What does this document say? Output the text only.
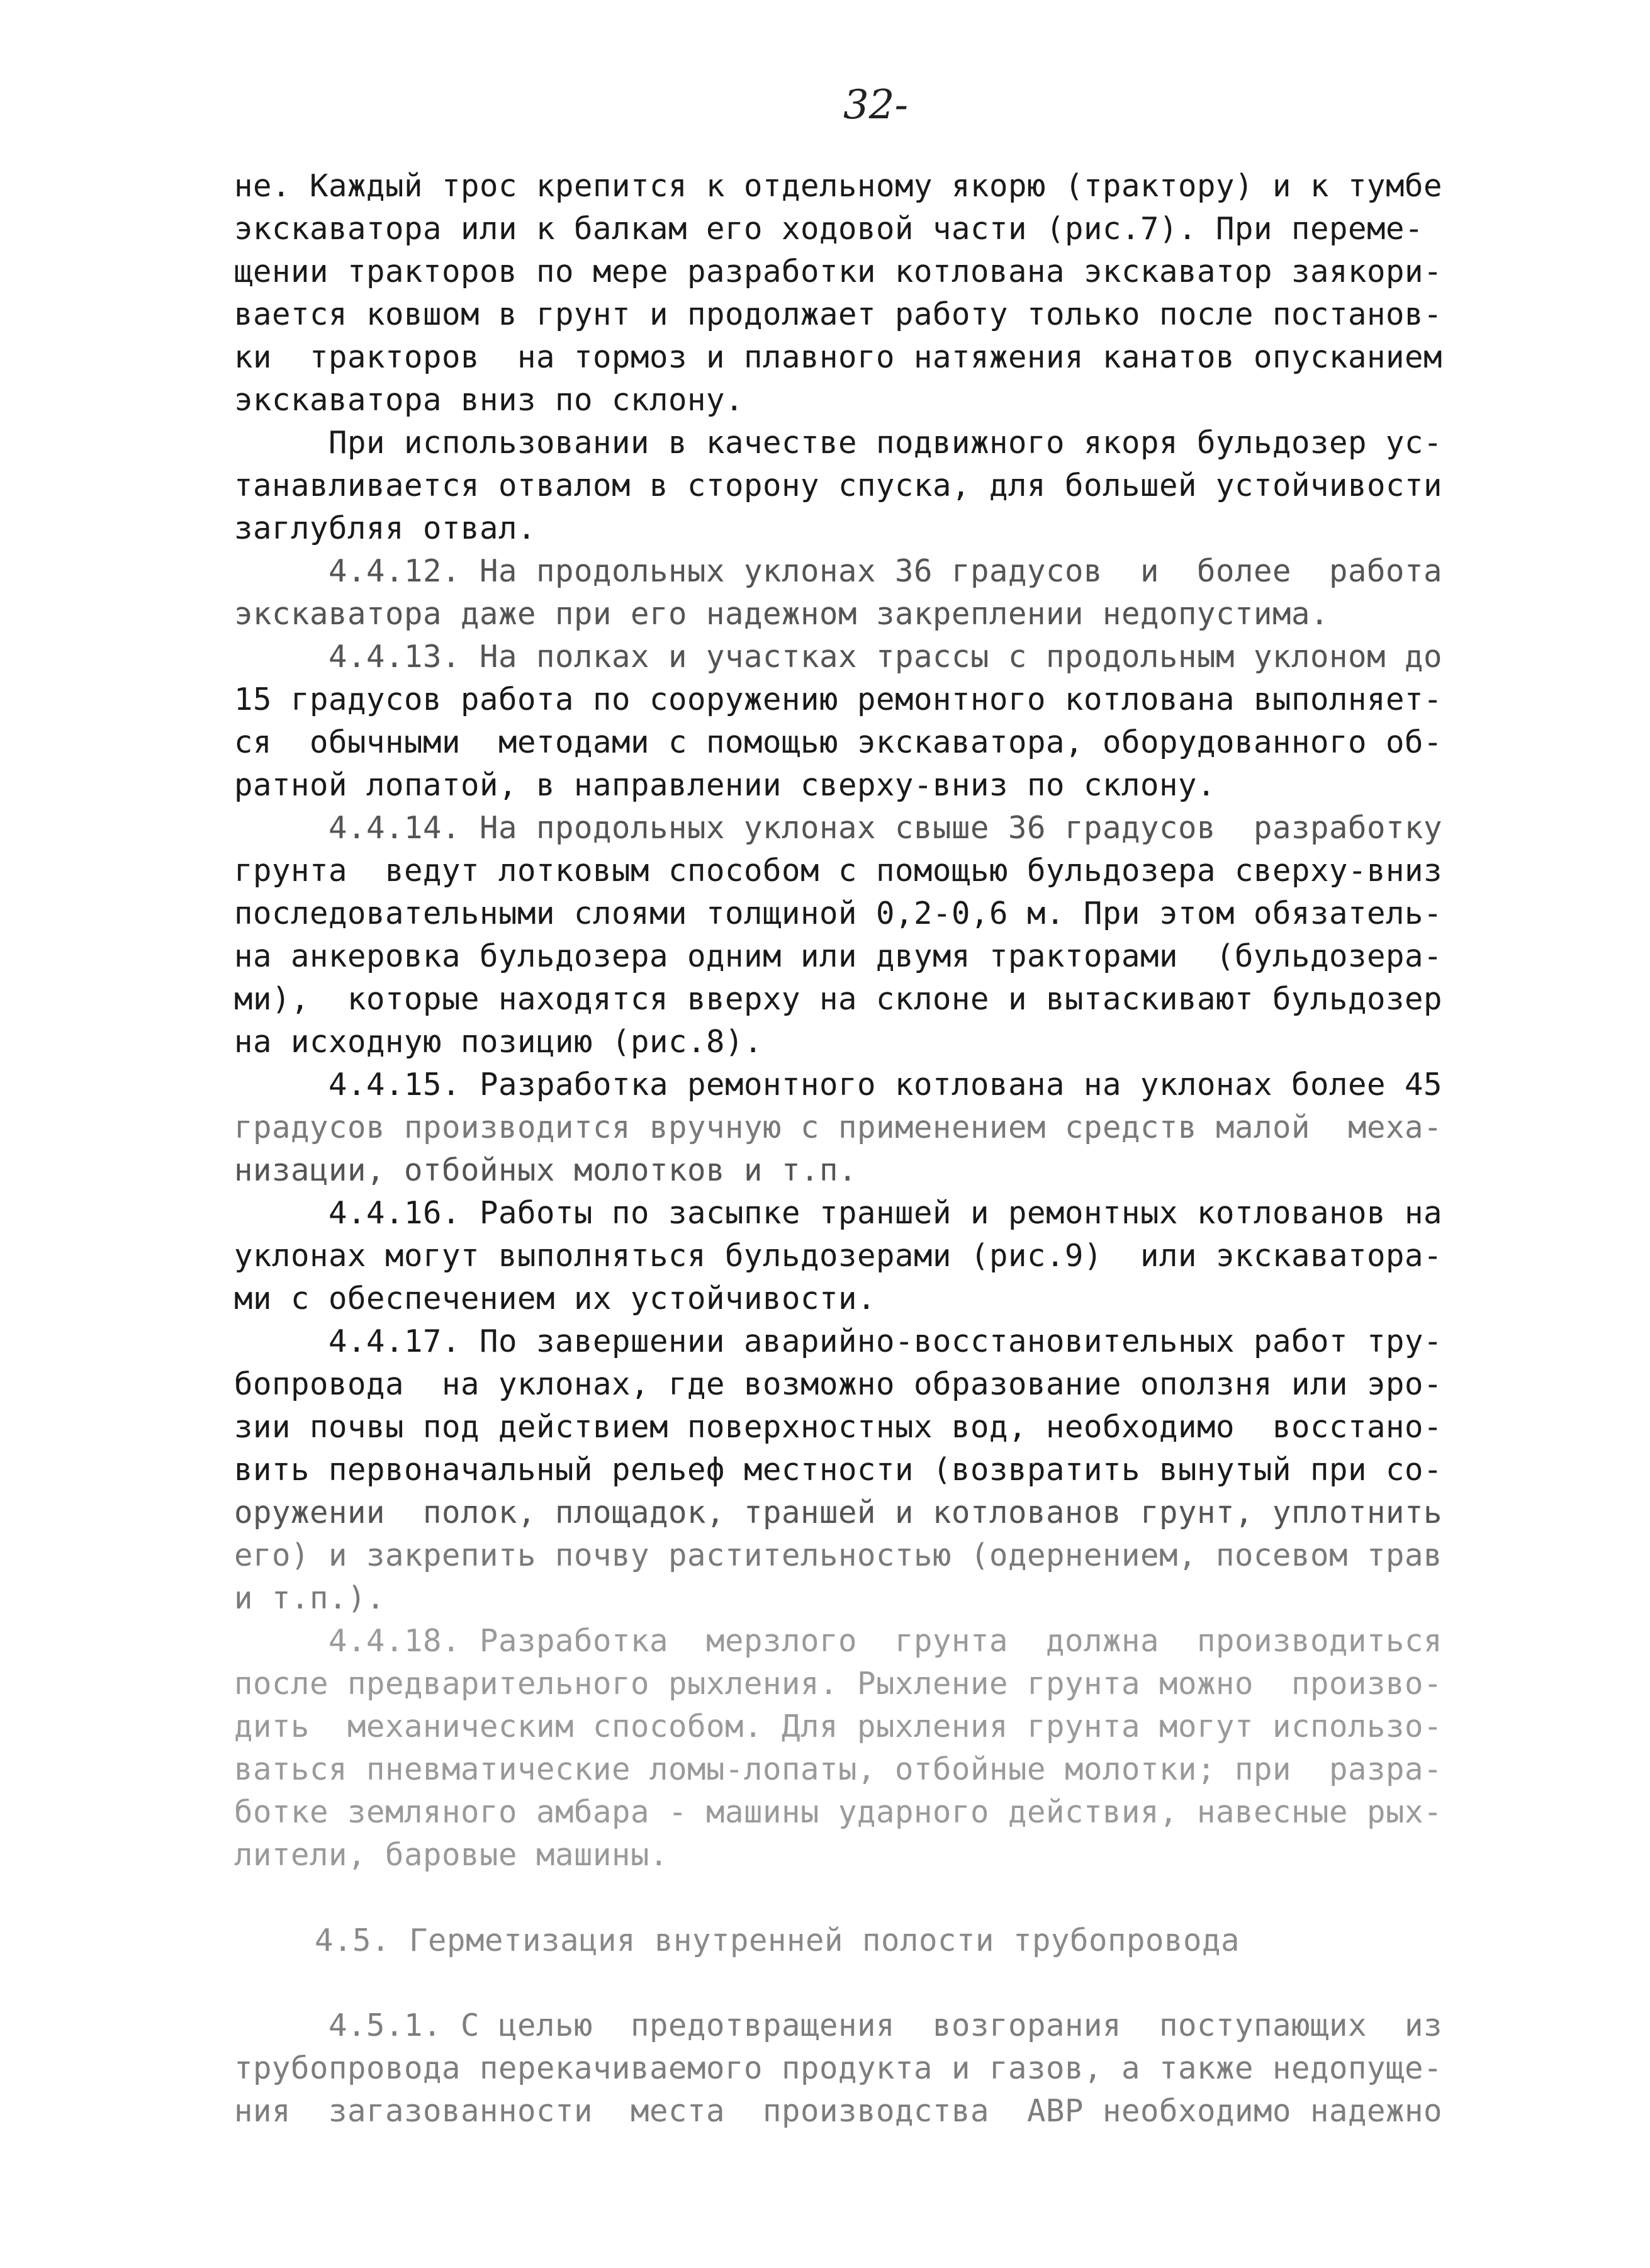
32-
не. Каждый трос крепится к отдельному якорю (трактору) и к тумбе
экскаватора или к балкам его ходовой части (рис.7). При перемe-
щении тракторов по мере разработки котлована экскаватор заякори-
вается ковшом в грунт и продолжает работу только после постанов-
ки  тракторов  на тормоз и плавного натяжения канатов опусканием
экскаватора вниз по склону.
При использовании в качестве подвижного якоря бульдозер ус-
танавливается отвалом в сторону спуска, для большей устойчивости
заглубляя отвал.
4.4.12. На продольных уклонах 36 градусов  и  более  работа
экскаватора даже при его надежном закреплении недопустима.
4.4.13. На полках и участках трассы с продольным уклоном до
15 градусов работа по сооружению ремонтного котлована выполняет-
ся  обычными  методами с помощью экскаватора, оборудованного об-
ратной лопатой, в направлении сверху-вниз по склону.
4.4.14. На продольных уклонах свыше 36 градусов  разработку
грунта  ведут лотковым способом с помощью бульдозера сверху-вниз
последовательными слоями толщиной 0,2-0,6 м. При этом обязатель-
на анкеровка бульдозера одним или двумя тракторами  (бульдозера-
ми),  которые находятся вверху на склоне и вытаскивают бульдозер
на исходную позицию (рис.8).
4.4.15. Разработка ремонтного котлована на уклонах более 45
градусов производится вручную с применением средств малой  меха-
низации, отбойных молотков и т.п.
4.4.16. Работы по засыпке траншей и ремонтных котлованов на
уклонах могут выполняться бульдозерами (рис.9)  или экскаватора-
ми с обеспечением их устойчивости.
4.4.17. По завершении аварийно-восстановительных работ тру-
бопровода  на уклонах, где возможно образование оползня или эро-
зии почвы под действием поверхностных вод, необходимо  восстано-
вить первоначальный рельеф местности (возвратить вынутый при со-
оружении  полок, площадок, траншей и котлованов грунт, уплотнить
его) и закрепить почву растительностью (одернением, посевом трав
и т.п.).
4.4.18. Разработка  мерзлого  грунта  должна  производиться
после предварительного рыхления. Рыхление грунта можно  произво-
дить  механическим способом. Для рыхления грунта могут использо-
ваться пневматические ломы-лопаты, отбойные молотки; при  разра-
ботке земляного амбара - машины ударного действия, навесные рых-
лители, баровые машины.
4.5. Герметизация внутренней полости трубопровода
4.5.1. С целью  предотвращения  возгорания  поступающих  из
трубопровода перекачиваемого продукта и газов, а также недопуще-
ния  загазованности  места  производства  АВР необходимо надежно
